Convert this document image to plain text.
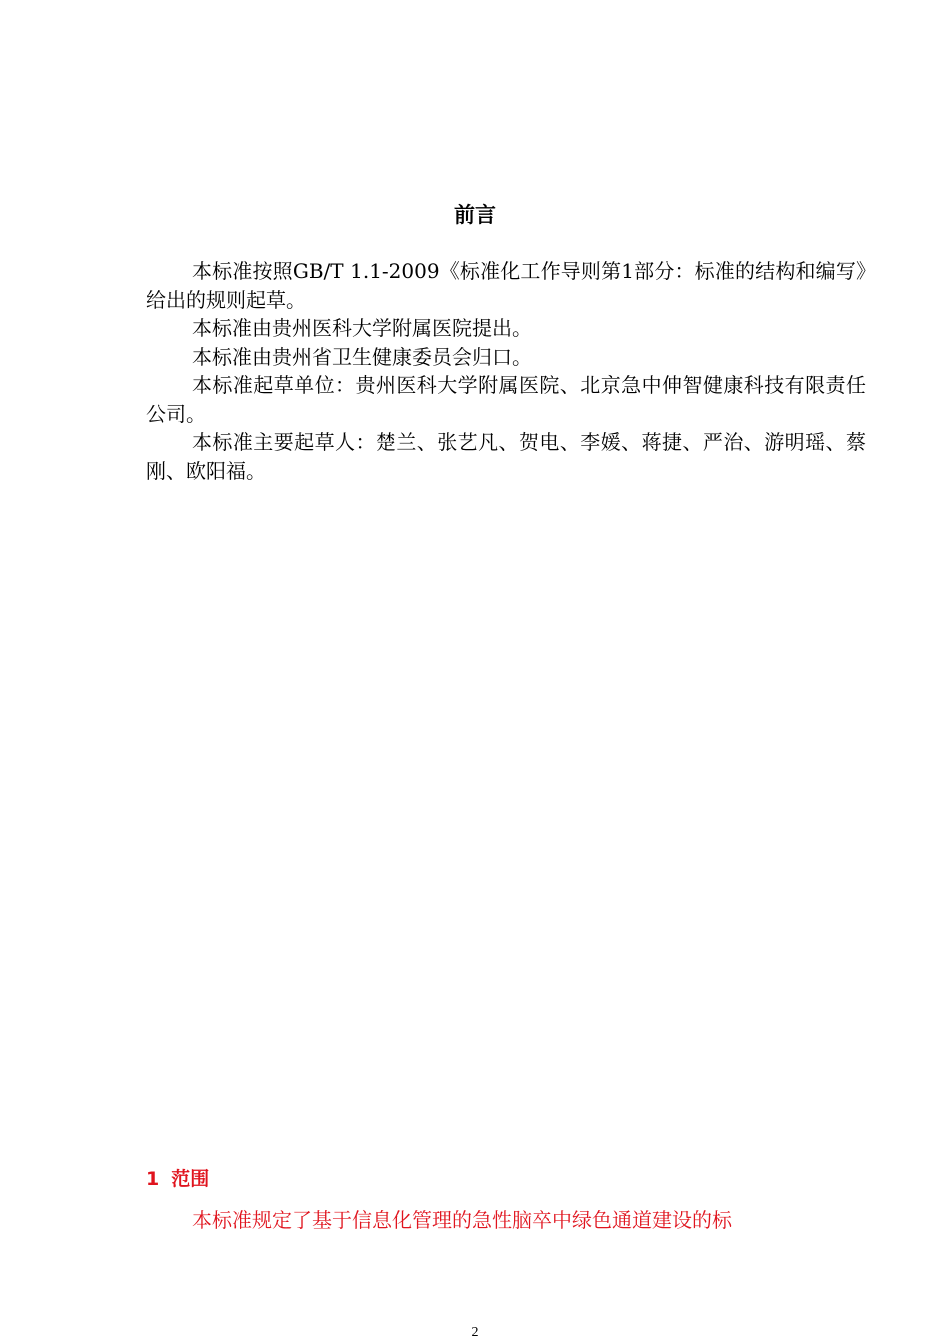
前言

本标准按照GB/T 1.1-2009《标准化工作导则第1部分：标准的结构和编写》给出的规则起草。

本标准由贵州医科大学附属医院提出。

本标准由贵州省卫生健康委员会归口。

本标准起草单位：贵州医科大学附属医院、北京急中伸智健康科技有限责任公司。

本标准主要起草人：楚兰、张艺凡、贺电、李媛、蒋捷、严治、游明瑶、蔡刚、欧阳福。

1 范围

本标准规定了基于信息化管理的急性脑卒中绿色通道建设的标

2
